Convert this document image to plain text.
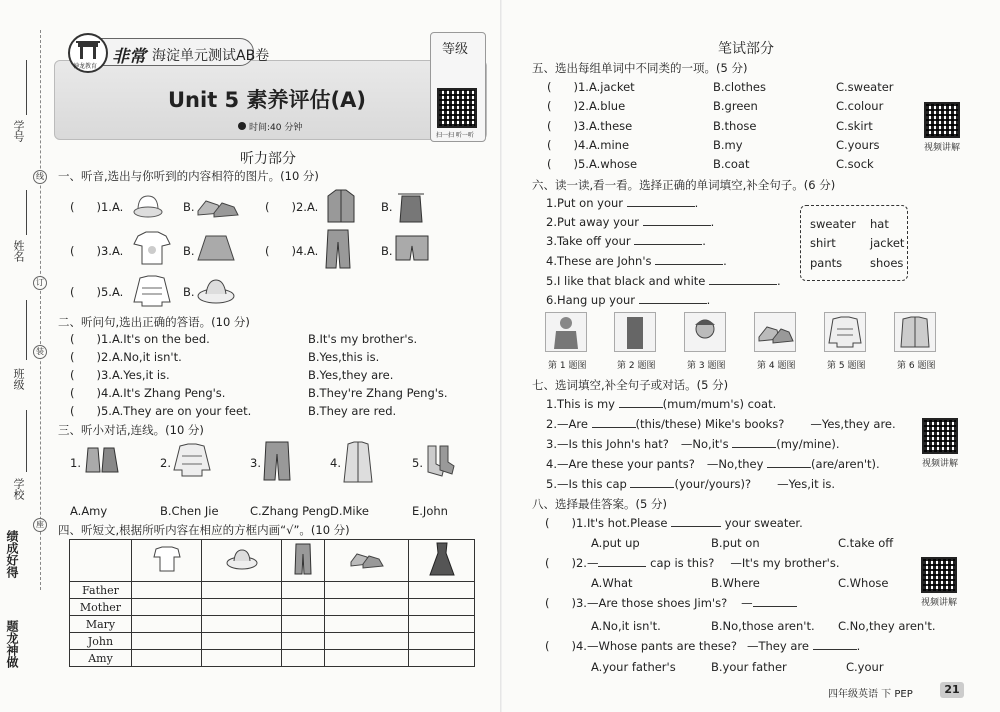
学号
线
姓名
订
班级
装
学校
座
绩
成
好
得
题
龙
神
做
神龙教育 非常 海淀单元测试AB卷
Unit 5 素养评估(A)
时间:40 分钟
等级
扫一扫 听一听
听力部分
一、听音,选出与你听到的内容相符的图片。(10 分)
( )1.A.	B.	( )2.A.	B.
( )3.A.	B.	( )4.A.	B.
( )5.A.	B.
二、听问句,选出正确的答语。(10 分)
( )1.A.It's on the bed.	B.It's my brother's.
( )2.A.No,it isn't.	B.Yes,this is.
( )3.A.Yes,it is.	B.Yes,they are.
( )4.A.It's Zhang Peng's.	B.They're Zhang Peng's.
( )5.A.They are on your feet.	B.They are red.
三、听小对话,连线。(10 分)
1.	2.	3.	4.	5.
A.Amy	B.Chen Jie	C.Zhang Peng D.Mike	E.John
四、听短文,根据所听内容在相应的方框内画“√”。(10 分)

Father					
Mother					
Mary					
John					
Amy					
笔试部分
五、选出每组单词中不同类的一项。(5 分)
( )1.A.jacket	B.clothes	C.sweater
( )2.A.blue	B.green	C.colour
( )3.A.these	B.those	C.skirt
( )4.A.mine	B.my	C.yours
( )5.A.whose	B.coat	C.sock
视频讲解
六、读一读,看一看。选择正确的单词填空,补全句子。(6 分)
1.Put on your	.
2.Put away your	.
3.Take off your	.
4.These are John's	.
5.I like that black and white	.
6.Hang up your	.
sweater hat
shirt	jacket
pants shoes
第 1 题图	第 2 题图	第 3 题图	第 4 题图	第 5 题图	第 6 题图
七、选词填空,补全句子或对话。(5 分)
1.This is my	(mum/mum's) coat.
2.—Are	(this/these) Mike's books? —Yes,they are.
3.—Is this John's hat? —No,it's	(my/mine).
4.—Are these your pants? —No,they	(are/aren't).
5.—Is this cap	(your/yours)? —Yes,it is.
视频讲解
八、选择最佳答案。(5 分)
( )1.It's hot.Please	your sweater.
A.put up	B.put on	C.take off
( )2.—	cap is this? —It's my brother's.
A.What	B.Where	C.Whose
视频讲解
( )3.—Are those shoes Jim's? —
A.No,it isn't.	B.No,those aren't. C.No,they aren't.
( )4.—Whose pants are these? —They are	.
A.your father's	B.your father	C.your
四年级英语 下 PEP	21
